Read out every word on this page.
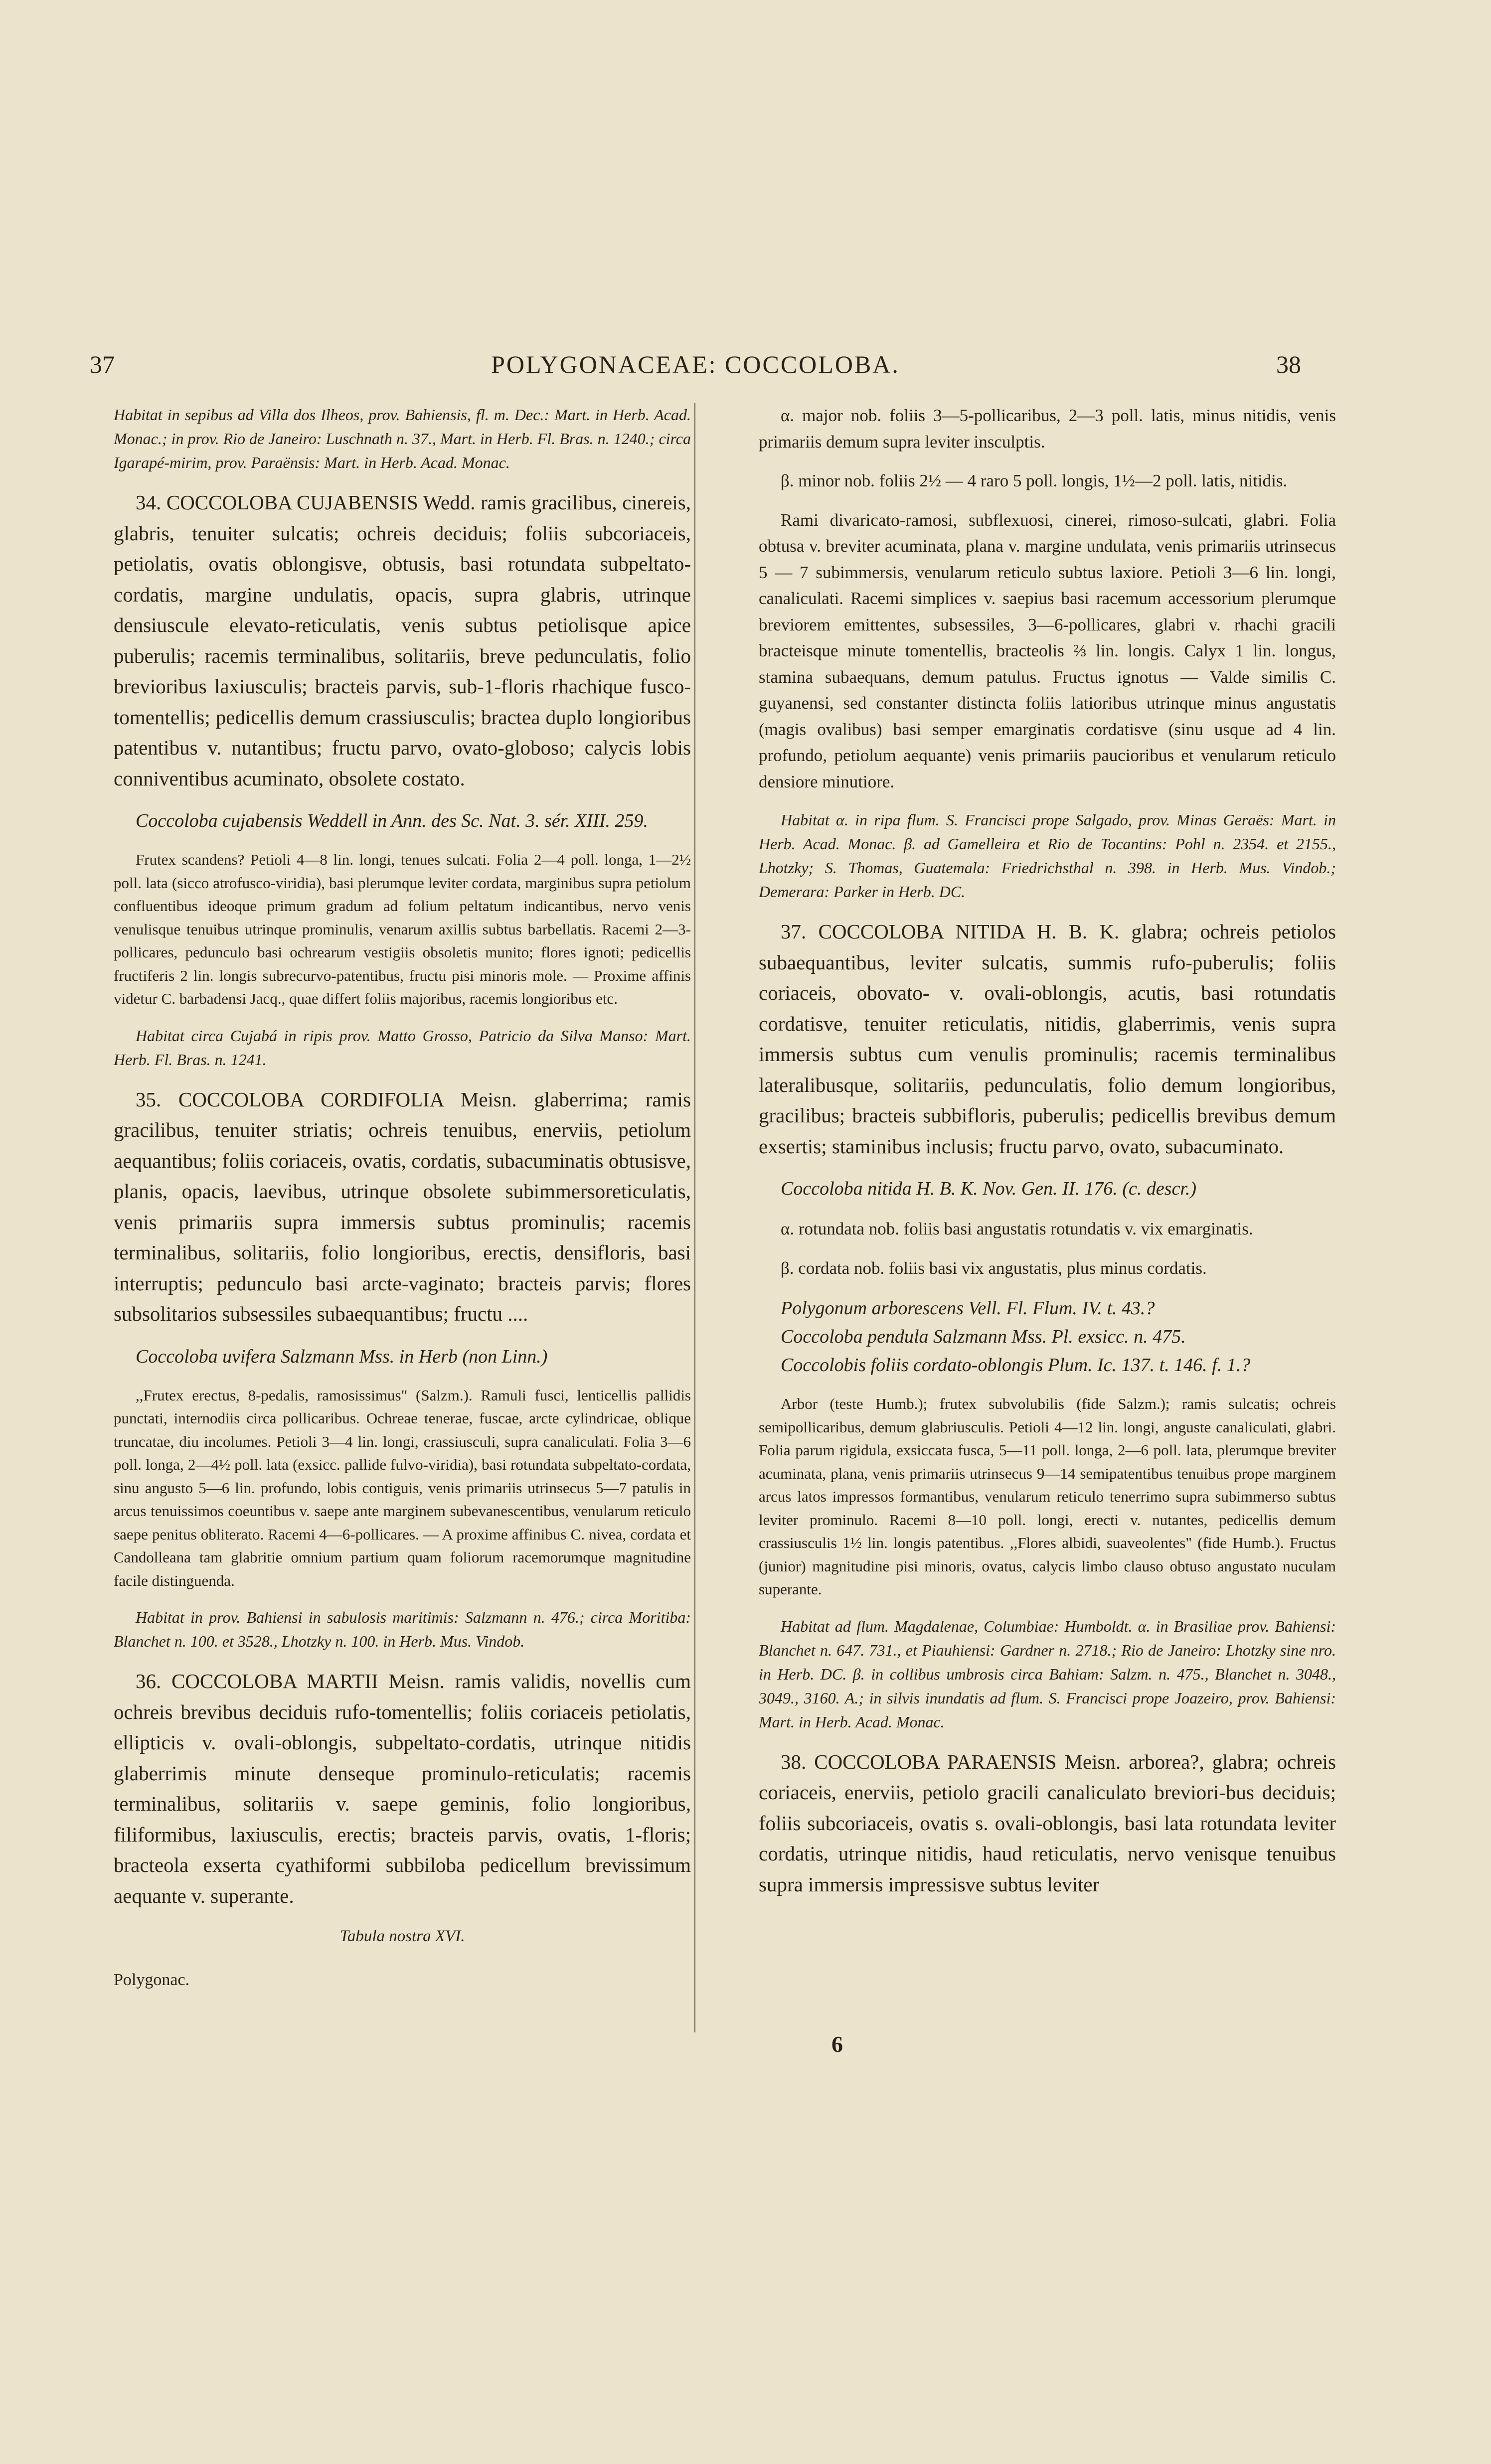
37	POLYGONACEAE: COCCOLOBA.	38

Habitat in sepibus ad Villa dos Ilheos, prov. Bahiensis, fl. m. Dec.: Mart. in Herb. Acad. Monac.; in prov. Rio de Janeiro: Luschnath n. 37., Mart. in Herb. Fl. Bras. n. 1240.; circa Igarapé-mirim, prov. Paraënsis: Mart. in Herb. Acad. Monac.

34. COCCOLOBA CUJABENSIS Wedd. ramis gracilibus, cinereis, glabris, tenuiter sulcatis; ochreis deciduis; foliis subcoriaceis, petiolatis, ovatis oblongisve, obtusis, basi rotundata subpeltato-cordatis, margine undulatis, opacis, supra glabris, utrinque densiuscule elevato-reticulatis, venis subtus petiolisque apice puberulis; racemis terminalibus, solitariis, breve pedunculatis, folio brevioribus laxiusculis; bracteis parvis, sub-1-floris rhachique fusco-tomentellis; pedicellis demum crassiusculis; bractea duplo longioribus patentibus v. nutantibus; fructu parvo, ovato-globoso; calycis lobis conniventibus acuminato, obsolete costato.

Coccoloba cujabensis Weddell in Ann. des Sc. Nat. 3. sér. XIII. 259.

Frutex scandens? Petioli 4—8 lin. longi, tenues sulcati. Folia 2—4 poll. longa, 1—2½ poll. lata (sicco atrofusco-viridia), basi plerumque leviter cordata, marginibus supra petiolum confluentibus ideoque primum gradum ad folium peltatum indicantibus, nervo venis venulisque tenuibus utrinque prominulis, venarum axillis subtus barbellatis. Racemi 2—3-pollicares, pedunculo basi ochrearum vestigiis obsoletis munito; flores ignoti; pedicellis fructiferis 2 lin. longis subrecurvo-patentibus, fructu pisi minoris mole. — Proxime affinis videtur C. barbadensi Jacq., quae differt foliis majoribus, racemis longioribus etc.

Habitat circa Cujabá in ripis prov. Matto Grosso, Patricio da Silva Manso: Mart. Herb. Fl. Bras. n. 1241.

35. COCCOLOBA CORDIFOLIA Meisn. glaberrima; ramis gracilibus, tenuiter striatis; ochreis tenuibus, enerviis, petiolum aequantibus; foliis coriaceis, ovatis, cordatis, subacuminatis obtusisve, planis, opacis, laevibus, utrinque obsolete subimmersoreticulatis, venis primariis supra immersis subtus prominulis; racemis terminalibus, solitariis, folio longioribus, erectis, densifloris, basi interruptis; pedunculo basi arcte-vaginato; bracteis parvis; flores subsolitarios subsessiles subaequantibus; fructu ....

Coccoloba uvifera Salzmann Mss. in Herb (non Linn.)

,,Frutex erectus, 8-pedalis, ramosissimus" (Salzm.). Ramuli fusci, lenticellis pallidis punctati, internodiis circa pollicaribus. Ochreae tenerae, fuscae, arcte cylindricae, oblique truncatae, diu incolumes. Petioli 3—4 lin. longi, crassiusculi, supra canaliculati. Folia 3—6 poll. longa, 2—4½ poll. lata (exsicc. pallide fulvo-viridia), basi rotundata subpeltato-cordata, sinu angusto 5—6 lin. profundo, lobis contiguis, venis primariis utrinsecus 5—7 patulis in arcus tenuissimos coeuntibus v. saepe ante marginem subevanescentibus, venularum reticulo saepe penitus obliterato. Racemi 4—6-pollicares. — A proxime affinibus C. nivea, cordata et Candolleana tam glabritie omnium partium quam foliorum racemorumque magnitudine facile distinguenda.

Habitat in prov. Bahiensi in sabulosis maritimis: Salzmann n. 476.; circa Moritiba: Blanchet n. 100. et 3528., Lhotzky n. 100. in Herb. Mus. Vindob.

36. COCCOLOBA MARTII Meisn. ramis validis, novellis cum ochreis brevibus deciduis rufo-tomentellis; foliis coriaceis petiolatis, ellipticis v. ovali-oblongis, subpeltato-cordatis, utrinque nitidis glaberrimis minute denseque prominulo-reticulatis; racemis terminalibus, solitariis v. saepe geminis, folio longioribus, filiformibus, laxiusculis, erectis; bracteis parvis, ovatis, 1-floris; bracteola exserta cyathiformi subbiloba pedicellum brevissimum aequante v. superante.

Tabula nostra XVI.
Polygonac.

α. major nob. foliis 3—5-pollicaribus, 2—3 poll. latis, minus nitidis, venis primariis demum supra leviter insculptis.

β. minor nob. foliis 2½ — 4 raro 5 poll. longis, 1½—2 poll. latis, nitidis.

Rami divaricato-ramosi, subflexuosi, cinerei, rimoso-sulcati, glabri. Folia obtusa v. breviter acuminata, plana v. margine undulata, venis primariis utrinsecus 5 — 7 subimmersis, venularum reticulo subtus laxiore. Petioli 3—6 lin. longi, canaliculati. Racemi simplices v. saepius basi racemum accessorium plerumque breviorem emittentes, subsessiles, 3—6-pollicares, glabri v. rhachi gracili bracteisque minute tomentellis, bracteolis ⅔ lin. longis. Calyx 1 lin. longus, stamina subaequans, demum patulus. Fructus ignotus — Valde similis C. guyanensi, sed constanter distincta foliis latioribus utrinque minus angustatis (magis ovalibus) basi semper emarginatis cordatisve (sinu usque ad 4 lin. profundo, petiolum aequante) venis primariis paucioribus et venularum reticulo densiore minutiore.

Habitat α. in ripa flum. S. Francisci prope Salgado, prov. Minas Geraës: Mart. in Herb. Acad. Monac. β. ad Gamelleira et Rio de Tocantins: Pohl n. 2354. et 2155., Lhotzky; S. Thomas, Guatemala: Friedrichsthal n. 398. in Herb. Mus. Vindob.; Demerara: Parker in Herb. DC.

37. COCCOLOBA NITIDA H. B. K. glabra; ochreis petiolos subaequantibus, leviter sulcatis, summis rufo-puberulis; foliis coriaceis, obovato- v. ovali-oblongis, acutis, basi rotundatis cordatisve, tenuiter reticulatis, nitidis, glaberrimis, venis supra immersis subtus cum venulis prominulis; racemis terminalibus lateralibusque, solitariis, pedunculatis, folio demum longioribus, gracilibus; bracteis subbifloris, puberulis; pedicellis brevibus demum exsertis; staminibus inclusis; fructu parvo, ovato, subacuminato.

Coccoloba nitida H. B. K. Nov. Gen. II. 176. (c. descr.)

α. rotundata nob. foliis basi angustatis rotundatis v. vix emarginatis.

β. cordata nob. foliis basi vix angustatis, plus minus cordatis.

Polygonum arborescens Vell. Fl. Flum. IV. t. 43.?
Coccoloba pendula Salzmann Mss. Pl. exsicc. n. 475.
Coccolobis foliis cordato-oblongis Plum. Ic. 137. t. 146. f. 1.?

Arbor (teste Humb.); frutex subvolubilis (fide Salzm.); ramis sulcatis; ochreis semipollicaribus, demum glabriusculis. Petioli 4—12 lin. longi, anguste canaliculati, glabri. Folia parum rigidula, exsiccata fusca, 5—11 poll. longa, 2—6 poll. lata, plerumque breviter acuminata, plana, venis primariis utrinsecus 9—14 semipatentibus tenuibus prope marginem arcus latos impressos formantibus, venularum reticulo tenerrimo supra subimmerso subtus leviter prominulo. Racemi 8—10 poll. longi, erecti v. nutantes, pedicellis demum crassiusculis 1½ lin. longis patentibus. ,,Flores albidi, suaveolentes" (fide Humb.). Fructus (junior) magnitudine pisi minoris, ovatus, calycis limbo clauso obtuso angustato nuculam superante.

Habitat ad flum. Magdalenae, Columbiae: Humboldt. α. in Brasiliae prov. Bahiensi: Blanchet n. 647. 731., et Piauhiensi: Gardner n. 2718.; Rio de Janeiro: Lhotzky sine nro. in Herb. DC. β. in collibus umbrosis circa Bahiam: Salzm. n. 475., Blanchet n. 3048., 3049., 3160. A.; in silvis inundatis ad flum. S. Francisci prope Joazeiro, prov. Bahiensi: Mart. in Herb. Acad. Monac.

38. COCCOLOBA PARAENSIS Meisn. arborea?, glabra; ochreis coriaceis, enerviis, petiolo gracili canaliculato breviori-bus deciduis; foliis subcoriaceis, ovatis s. ovali-oblongis, basi lata rotundata leviter cordatis, utrinque nitidis, haud reticulatis, nervo venisque tenuibus supra immersis impressisve subtus leviter

6
